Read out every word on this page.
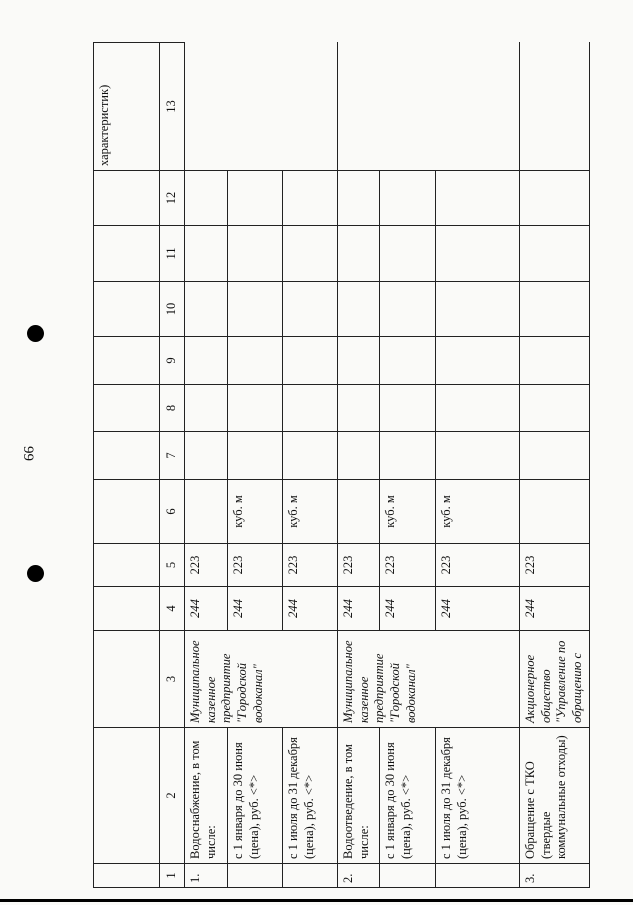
99
												характеристик)
1	2	3	4	5	6	7	8	9	10	11	12	13
1.	Водоснабжение, в том числе:	Муниципальное казенное предприятие "Городской водоканал"	244	223								
	с 1 января до 30 июня (цена), руб. <*>		244	223	куб. м							
	с 1 июля до 31 декабря (цена), руб. <*>		244	223	куб. м							
2.	Водоотведение, в том числе:	Муниципальное казенное предприятие "Городской водоканал"	244	223								
	с 1 января до 30 июня (цена), руб. <*>		244	223	куб. м							
	с 1 июля до 31 декабря (цена), руб. <*>		244	223	куб. м							
3.	Обращение с ТКО (твердые коммунальные отходы)	Акционерное общество "Управление по обращению с	244	223								
